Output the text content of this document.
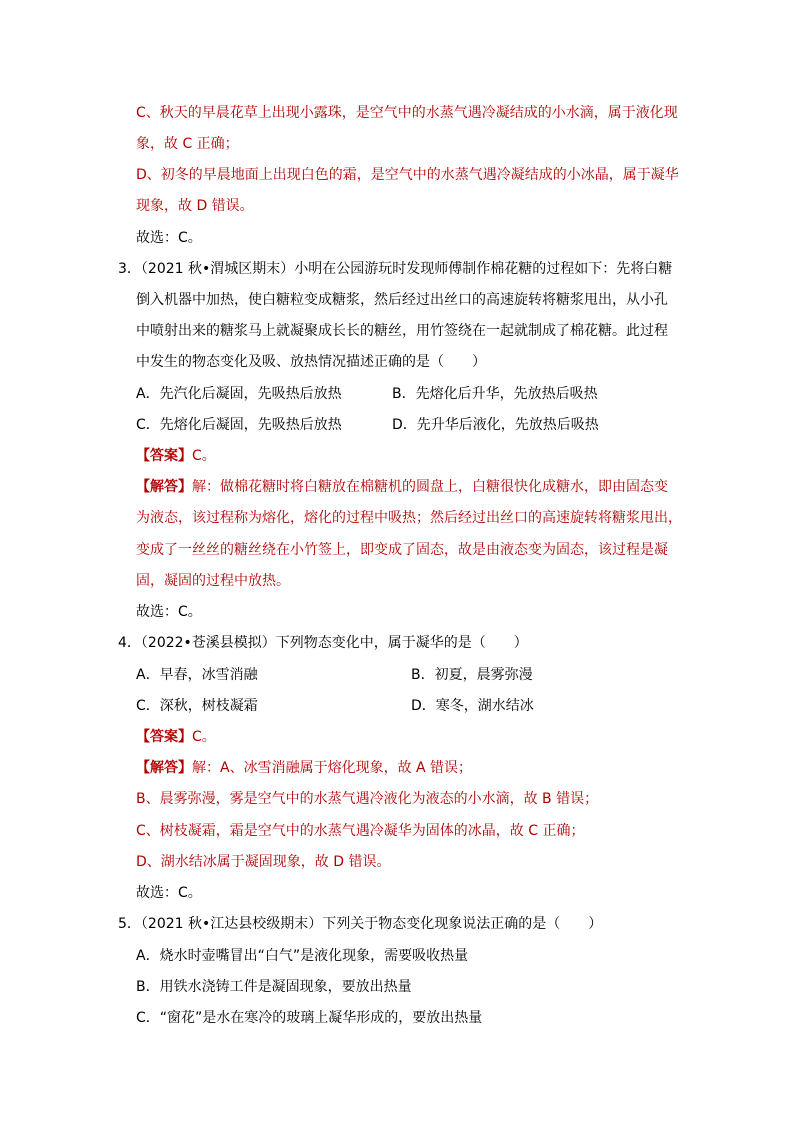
C、秋天的早晨花草上出现小露珠，是空气中的水蒸气遇冷凝结成的小水滴，属于液化现
象，故 C 正确；
D、初冬的早晨地面上出现白色的霜，是空气中的水蒸气遇冷凝结成的小冰晶，属于凝华
现象，故 D 错误。
故选：C。
3．（2021 秋•渭城区期末）小明在公园游玩时发现师傅制作棉花糖的过程如下：先将白糖
倒入机器中加热，使白糖粒变成糖浆，然后经过出丝口的高速旋转将糖浆甩出，从小孔
中喷射出来的糖浆马上就凝聚成长长的糖丝，用竹签绕在一起就制成了棉花糖。此过程
中发生的物态变化及吸、放热情况描述正确的是（　　）
A．先汽化后凝固，先吸热后放热	B．先熔化后升华，先放热后吸热
C．先熔化后凝固，先吸热后放热	D．先升华后液化，先放热后吸热
【答案】C。
【解答】解：做棉花糖时将白糖放在棉糖机的圆盘上，白糖很快化成糖水，即由固态变
为液态，该过程称为熔化，熔化的过程中吸热；然后经过出丝口的高速旋转将糖浆甩出，
变成了一丝丝的糖丝绕在小竹签上，即变成了固态，故是由液态变为固态，该过程是凝
固，凝固的过程中放热。
故选：C。
4．（2022•苍溪县模拟）下列物态变化中，属于凝华的是（　　）
A．早春，冰雪消融	B．初夏，晨雾弥漫
C．深秋，树枝凝霜	D．寒冬，湖水结冰
【答案】C。
【解答】解：A、冰雪消融属于熔化现象，故 A 错误；
B、晨雾弥漫，雾是空气中的水蒸气遇冷液化为液态的小水滴，故 B 错误；
C、树枝凝霜，霜是空气中的水蒸气遇冷凝华为固体的冰晶，故 C 正确；
D、湖水结冰属于凝固现象，故 D 错误。
故选：C。
5．（2021 秋•江达县校级期末）下列关于物态变化现象说法正确的是（　　）
A．烧水时壶嘴冒出“白气”是液化现象，需要吸收热量
B．用铁水浇铸工件是凝固现象，要放出热量
C．“窗花”是水在寒冷的玻璃上凝华形成的，要放出热量
